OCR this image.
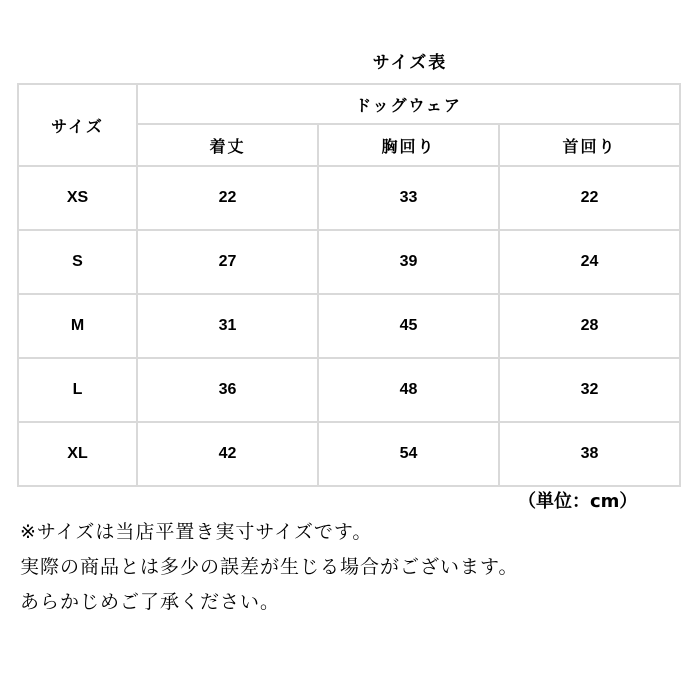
サイズ表
サイズ	ドッグウェア		
	着丈	胸回り	首回り
XS	22	33	22
S	27	39	24
M	31	45	28
L	36	48	32
XL	42	54	38
（単位：cm）
※サイズは当店平置き実寸サイズです。
実際の商品とは多少の誤差が生じる場合がございます。
あらかじめご了承ください。
